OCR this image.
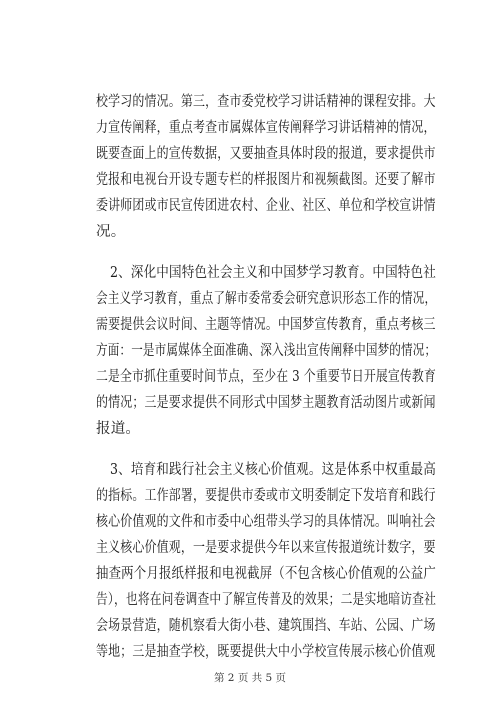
校学习的情况。第三，查市委党校学习讲话精神的课程安排。大
力宣传阐释，重点考查市属媒体宣传阐释学习讲话精神的情况，
既要查面上的宣传数据，又要抽查具体时段的报道，要求提供市
党报和电视台开设专题专栏的样报图片和视频截图。还要了解市
委讲师团或市民宣传团进农村、企业、社区、单位和学校宣讲情
况。
2、深化中国特色社会主义和中国梦学习教育。中国特色社
会主义学习教育，重点了解市委常委会研究意识形态工作的情况，
需要提供会议时间、主题等情况。中国梦宣传教育，重点考核三
方面：一是市属媒体全面准确、深入浅出宣传阐释中国梦的情况；
二是全市抓住重要时间节点，至少在 3 个重要节日开展宣传教育
的情况；三是要求提供不同形式中国梦主题教育活动图片或新闻
报道。
3、培育和践行社会主义核心价值观。这是体系中权重最高
的指标。工作部署，要提供市委或市文明委制定下发培育和践行
核心价值观的文件和市委中心组带头学习的具体情况。叫响社会
主义核心价值观，一是要求提供今年以来宣传报道统计数字，要
抽查两个月报纸样报和电视截屏（不包含核心价值观的公益广
告），也将在问卷调查中了解宣传普及的效果；二是实地暗访查社
会场景营造，随机察看大街小巷、建筑围挡、车站、公园、广场
等地；三是抽查学校，既要提供大中小学校宣传展示核心价值观
第 2 页 共 5 页
